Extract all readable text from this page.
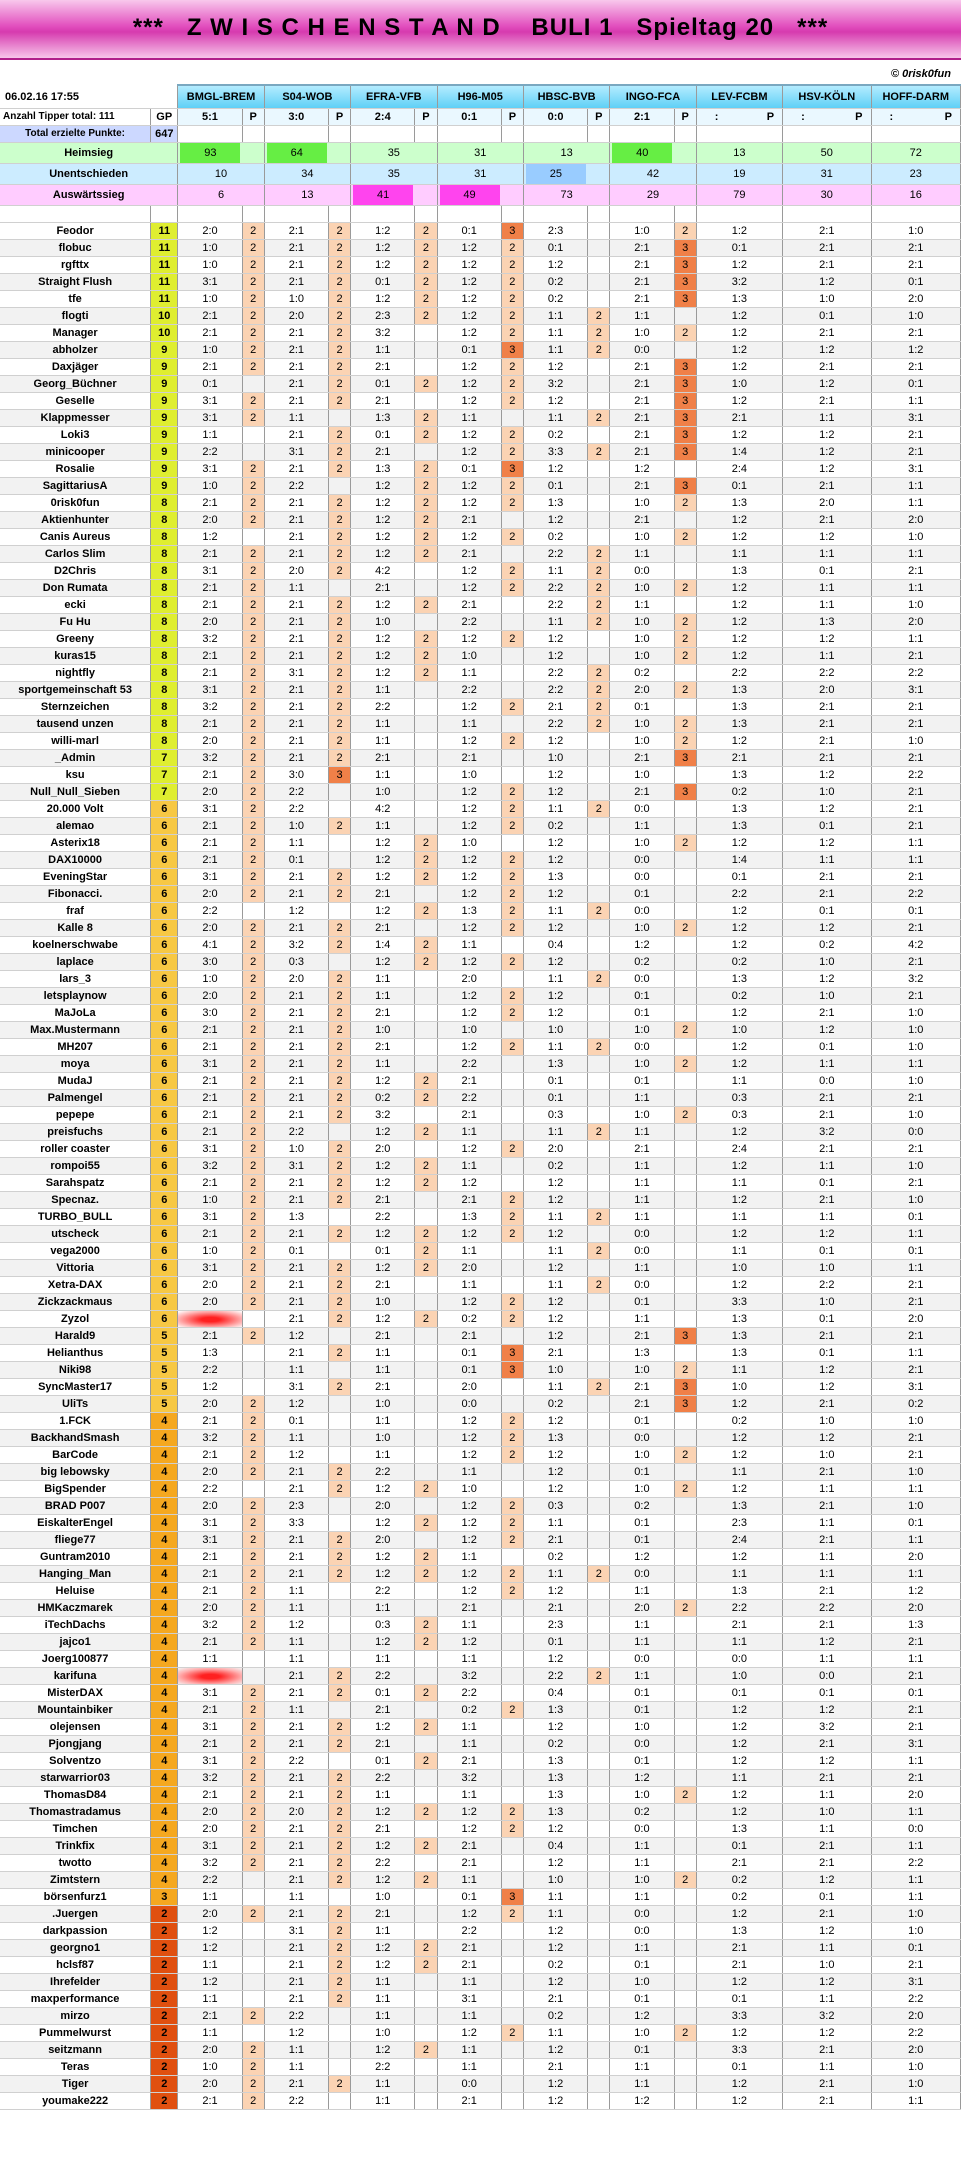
***   Z W I S C H E N S T A N D    BULI 1   Spieltag 20   ***
© 0risk0fun
06.02.16 17:55		BMGL-BREM		S04-WOB		EFRA-VFB		H96-M05		HBSC-BVB		INGO-FCA		LEV-FCBM	HSV-KÖLN	HOFF-DARM
Anzahl Tipper total: 111	GP	5:1	P	3:0	P	2:4	P	0:1	P	0:0	P	2:1	P	: P	: P	: P

Total erzielte Punkte:	647															
Heimsieg		93		64		35		31		13		40		13	50	72
Unentschieden		10		34		35		31		25		42		19	31	23
Auswärtssieg		6		13		41		49		73		29		79	30	16

Feodor	11	2:0	2	2:1	2	1:2	2	0:1	3	2:3		1:0	2	1:2	2:1	1:0
flobuc	11	1:0	2	2:1	2	1:2	2	1:2	2	0:1		2:1	3	0:1	2:1	2:1
rgfttx	11	1:0	2	2:1	2	1:2	2	1:2	2	1:2		2:1	3	1:2	2:1	2:1
Straight Flush	11	3:1	2	2:1	2	0:1	2	1:2	2	0:2		2:1	3	3:2	1:2	0:1
tfe	11	1:0	2	1:0	2	1:2	2	1:2	2	0:2		2:1	3	1:3	1:0	2:0
flogti	10	2:1	2	2:0	2	2:3	2	1:2	2	1:1	2	1:1		1:2	0:1	1:0
Manager	10	2:1	2	2:1	2	3:2		1:2	2	1:1	2	1:0	2	1:2	2:1	2:1
abholzer	9	1:0	2	2:1	2	1:1		0:1	3	1:1	2	0:0		1:2	1:2	1:2
Daxjäger	9	2:1	2	2:1	2	2:1		1:2	2	1:2		2:1	3	1:2	2:1	2:1
Georg_Büchner	9	0:1		2:1	2	0:1	2	1:2	2	3:2		2:1	3	1:0	1:2	0:1
Geselle	9	3:1	2	2:1	2	2:1		1:2	2	1:2		2:1	3	1:2	2:1	1:1
Klappmesser	9	3:1	2	1:1		1:3	2	1:1		1:1	2	2:1	3	2:1	1:1	3:1
Loki3	9	1:1		2:1	2	0:1	2	1:2	2	0:2		2:1	3	1:2	1:2	2:1
minicooper	9	2:2		3:1	2	2:1		1:2	2	3:3	2	2:1	3	1:4	1:2	2:1
Rosalie	9	3:1	2	2:1	2	1:3	2	0:1	3	1:2		1:2		2:4	1:2	3:1
SagittariusA	9	1:0	2	2:2		1:2	2	1:2	2	0:1		2:1	3	0:1	2:1	1:1
0risk0fun	8	2:1	2	2:1	2	1:2	2	1:2	2	1:3		1:0	2	1:3	2:0	1:1
Aktienhunter	8	2:0	2	2:1	2	1:2	2	2:1		1:2		2:1		1:2	2:1	2:0
Canis Aureus	8	1:2		2:1	2	1:2	2	1:2	2	0:2		1:0	2	1:2	1:2	1:0
Carlos Slim	8	2:1	2	2:1	2	1:2	2	2:1		2:2	2	1:1		1:1	1:1	1:1
D2Chris	8	3:1	2	2:0	2	4:2		1:2	2	1:1	2	0:0		1:3	0:1	2:1
Don Rumata	8	2:1	2	1:1		2:1		1:2	2	2:2	2	1:0	2	1:2	1:1	1:1
ecki	8	2:1	2	2:1	2	1:2	2	2:1		2:2	2	1:1		1:2	1:1	1:0
Fu Hu	8	2:0	2	2:1	2	1:0		2:2		1:1	2	1:0	2	1:2	1:3	2:0
Greeny	8	3:2	2	2:1	2	1:2	2	1:2	2	1:2		1:0	2	1:2	1:2	1:1
kuras15	8	2:1	2	2:1	2	1:2	2	1:0		1:2		1:0	2	1:2	1:1	2:1
nightfly	8	2:1	2	3:1	2	1:2	2	1:1		2:2	2	0:2		2:2	2:2	2:2
sportgemeinschaft 53	8	3:1	2	2:1	2	1:1		2:2		2:2	2	2:0	2	1:3	2:0	3:1
Sternzeichen	8	3:2	2	2:1	2	2:2		1:2	2	2:1	2	0:1		1:3	2:1	2:1
tausend unzen	8	2:1	2	2:1	2	1:1		1:1		2:2	2	1:0	2	1:3	2:1	2:1
willi-marl	8	2:0	2	2:1	2	1:1		1:2	2	1:2		1:0	2	1:2	2:1	1:0
_Admin	7	3:2	2	2:1	2	2:1		2:1		1:0		2:1	3	2:1	2:1	2:1
ksu	7	2:1	2	3:0	3	1:1		1:0		1:2		1:0		1:3	1:2	2:2
Null_Null_Sieben	7	2:0	2	2:2		1:0		1:2	2	1:2		2:1	3	0:2	1:0	2:1
20.000 Volt	6	3:1	2	2:2		4:2		1:2	2	1:1	2	0:0		1:3	1:2	2:1
alemao	6	2:1	2	1:0	2	1:1		1:2	2	0:2		1:1		1:3	0:1	2:1
Asterix18	6	2:1	2	1:1		1:2	2	1:0		1:2		1:0	2	1:2	1:2	1:1
DAX10000	6	2:1	2	0:1		1:2	2	1:2	2	1:2		0:0		1:4	1:1	1:1
EveningStar	6	3:1	2	2:1	2	1:2	2	1:2	2	1:3		0:0		0:1	2:1	2:1
Fibonacci.	6	2:0	2	2:1	2	2:1		1:2	2	1:2		0:1		2:2	2:1	2:2
fraf	6	2:2		1:2		1:2	2	1:3	2	1:1	2	0:0		1:2	0:1	0:1
Kalle 8	6	2:0	2	2:1	2	2:1		1:2	2	1:2		1:0	2	1:2	1:2	2:1
koelnerschwabe	6	4:1	2	3:2	2	1:4	2	1:1		0:4		1:2		1:2	0:2	4:2
laplace	6	3:0	2	0:3		1:2	2	1:2	2	1:2		0:2		0:2	1:0	2:1
lars_3	6	1:0	2	2:0	2	1:1		2:0		1:1	2	0:0		1:3	1:2	3:2
letsplaynow	6	2:0	2	2:1	2	1:1		1:2	2	1:2		0:1		0:2	1:0	2:1
MaJoLa	6	3:0	2	2:1	2	2:1		1:2	2	1:2		0:1		1:2	2:1	1:0
Max.Mustermann	6	2:1	2	2:1	2	1:0		1:0		1:0		1:0	2	1:0	1:2	1:0
MH207	6	2:1	2	2:1	2	2:1		1:2	2	1:1	2	0:0		1:2	0:1	1:0
moya	6	3:1	2	2:1	2	1:1		2:2		1:3		1:0	2	1:2	1:1	1:1
MudaJ	6	2:1	2	2:1	2	1:2	2	2:1		0:1		0:1		1:1	0:0	1:0
Palmengel	6	2:1	2	2:1	2	0:2	2	2:2		0:1		1:1		0:3	2:1	2:1
pepepe	6	2:1	2	2:1	2	3:2		2:1		0:3		1:0	2	0:3	2:1	1:0
preisfuchs	6	2:1	2	2:2		1:2	2	1:1		1:1	2	1:1		1:2	3:2	0:0
roller coaster	6	3:1	2	1:0	2	2:0		1:2	2	2:0		2:1		2:4	2:1	2:1
rompoi55	6	3:2	2	3:1	2	1:2	2	1:1		0:2		1:1		1:2	1:1	1:0
Sarahspatz	6	2:1	2	2:1	2	1:2	2	1:2		1:2		1:1		1:1	0:1	2:1
Specnaz.	6	1:0	2	2:1	2	2:1		2:1	2	1:2		1:1		1:2	2:1	1:0
TURBO_BULL	6	3:1	2	1:3		2:2		1:3	2	1:1	2	1:1		1:1	1:1	0:1
utscheck	6	2:1	2	2:1	2	1:2	2	1:2	2	1:2		0:0		1:2	1:2	1:1
vega2000	6	1:0	2	0:1		0:1	2	1:1		1:1	2	0:0		1:1	0:1	0:1
Vittoria	6	3:1	2	2:1	2	1:2	2	2:0		1:2		1:1		1:0	1:0	1:1
Xetra-DAX	6	2:0	2	2:1	2	2:1		1:1		1:1	2	0:0		1:2	2:2	2:1
Zickzackmaus	6	2:0	2	2:1	2	1:0		1:2	2	1:2		0:1		3:3	1:0	2:1
Zyzol	6			2:1	2	1:2	2	0:2	2	1:2		1:1		1:3	0:1	2:0
Harald9	5	2:1	2	1:2		2:1		2:1		1:2		2:1	3	1:3	2:1	2:1
Helianthus	5	1:3		2:1	2	1:1		0:1	3	2:1		1:3		1:3	0:1	1:1
Niki98	5	2:2		1:1		1:1		0:1	3	1:0		1:0	2	1:1	1:2	2:1
SyncMaster17	5	1:2		3:1	2	2:1		2:0		1:1	2	2:1	3	1:0	1:2	3:1
UliTs	5	2:0	2	1:2		1:0		0:0		0:2		2:1	3	1:2	2:1	0:2
1.FCK	4	2:1	2	0:1		1:1		1:2	2	1:2		0:1		0:2	1:0	1:0
BackhandSmash	4	3:2	2	1:1		1:0		1:2	2	1:3		0:0		1:2	1:2	2:1
BarCode	4	2:1	2	1:2		1:1		1:2	2	1:2		1:0	2	1:2	1:0	2:1
big lebowsky	4	2:0	2	2:1	2	2:2		1:1		1:2		0:1		1:1	2:1	1:0
BigSpender	4	2:2		2:1	2	1:2	2	1:0		1:2		1:0	2	1:2	1:1	1:1
BRAD P007	4	2:0	2	2:3		2:0		1:2	2	0:3		0:2		1:3	2:1	1:0
EiskalterEngel	4	3:1	2	3:3		1:2	2	1:2	2	1:1		0:1		2:3	1:1	0:1
fliege77	4	3:1	2	2:1	2	2:0		1:2	2	2:1		0:1		2:4	2:1	1:1
Guntram2010	4	2:1	2	2:1	2	1:2	2	1:1		0:2		1:2		1:2	1:1	2:0
Hanging_Man	4	2:1	2	2:1	2	1:2	2	1:2	2	1:1	2	0:0		1:1	1:1	1:1
Heluise	4	2:1	2	1:1		2:2		1:2	2	1:2		1:1		1:3	2:1	1:2
HMKaczmarek	4	2:0	2	1:1		1:1		2:1		2:1		2:0	2	2:2	2:2	2:0
iTechDachs	4	3:2	2	1:2		0:3	2	1:1		2:3		1:1		2:1	2:1	1:3
jajco1	4	2:1	2	1:1		1:2	2	1:2		0:1		1:1		1:1	1:2	2:1
Joerg100877	4	1:1		1:1		1:1		1:1		1:2		0:0		0:0	1:1	1:1
karifuna	4			2:1	2	2:2		3:2		2:2	2	1:1		1:0	0:0	2:1
MisterDAX	4	3:1	2	2:1	2	0:1	2	2:2		0:4		0:1		0:1	0:1	0:1
Mountainbiker	4	2:1	2	1:1		2:1		0:2	2	1:3		0:1		1:2	1:2	2:1
olejensen	4	3:1	2	2:1	2	1:2	2	1:1		1:2		1:0		1:2	3:2	2:1
Pjongjang	4	2:1	2	2:1	2	2:1		1:1		0:2		0:0		1:2	2:1	3:1
Solventzo	4	3:1	2	2:2		0:1	2	2:1		1:3		0:1		1:2	1:2	1:1
starwarrior03	4	3:2	2	2:1	2	2:2		3:2		1:3		1:2		1:1	2:1	2:1
ThomasD84	4	2:1	2	2:1	2	1:1		1:1		1:3		1:0	2	1:2	1:1	2:0
Thomastradamus	4	2:0	2	2:0	2	1:2	2	1:2	2	1:3		0:2		1:2	1:0	1:1
Timchen	4	2:0	2	2:1	2	2:1		1:2	2	1:2		0:0		1:3	1:1	0:0
Trinkfix	4	3:1	2	2:1	2	1:2	2	2:1		0:4		1:1		0:1	2:1	1:1
twotto	4	3:2	2	2:1	2	2:2		2:1		1:2		1:1		2:1	2:1	2:2
Zimtstern	4	2:2		2:1	2	1:2	2	1:1		1:0		1:0	2	0:2	1:2	1:1
börsenfurz1	3	1:1		1:1		1:0		0:1	3	1:1		1:1		0:2	0:1	1:1
.Juergen	2	2:0	2	2:1	2	2:1		1:2	2	1:1		0:0		1:2	2:1	1:0
darkpassion	2	1:2		3:1	2	1:1		2:2		1:2		0:0		1:3	1:2	1:0
georgno1	2	1:2		2:1	2	1:2	2	2:1		1:2		1:1		2:1	1:1	0:1
hclsf87	2	1:1		2:1	2	1:2	2	2:1		0:2		0:1		2:1	1:0	2:1
Ihrefelder	2	1:2		2:1	2	1:1		1:1		1:2		1:0		1:2	1:2	3:1
maxperformance	2	1:1		2:1	2	1:1		3:1		2:1		0:1		0:1	1:1	2:2
mirzo	2	2:1	2	2:2		1:1		1:1		0:2		1:2		3:3	3:2	2:0
Pummelwurst	2	1:1		1:2		1:0		1:2	2	1:1		1:0	2	1:2	1:2	2:2
seitzmann	2	2:0	2	1:1		1:2	2	1:1		1:2		0:1		3:3	2:1	2:0
Teras	2	1:0	2	1:1		2:2		1:1		2:1		1:1		0:1	1:1	1:0
Tiger	2	2:0	2	2:1	2	1:1		0:0		1:2		1:1		1:2	2:1	1:0
youmake222	2	2:1	2	2:2		1:1		2:1		1:2		1:2		1:2	2:1	1:1
